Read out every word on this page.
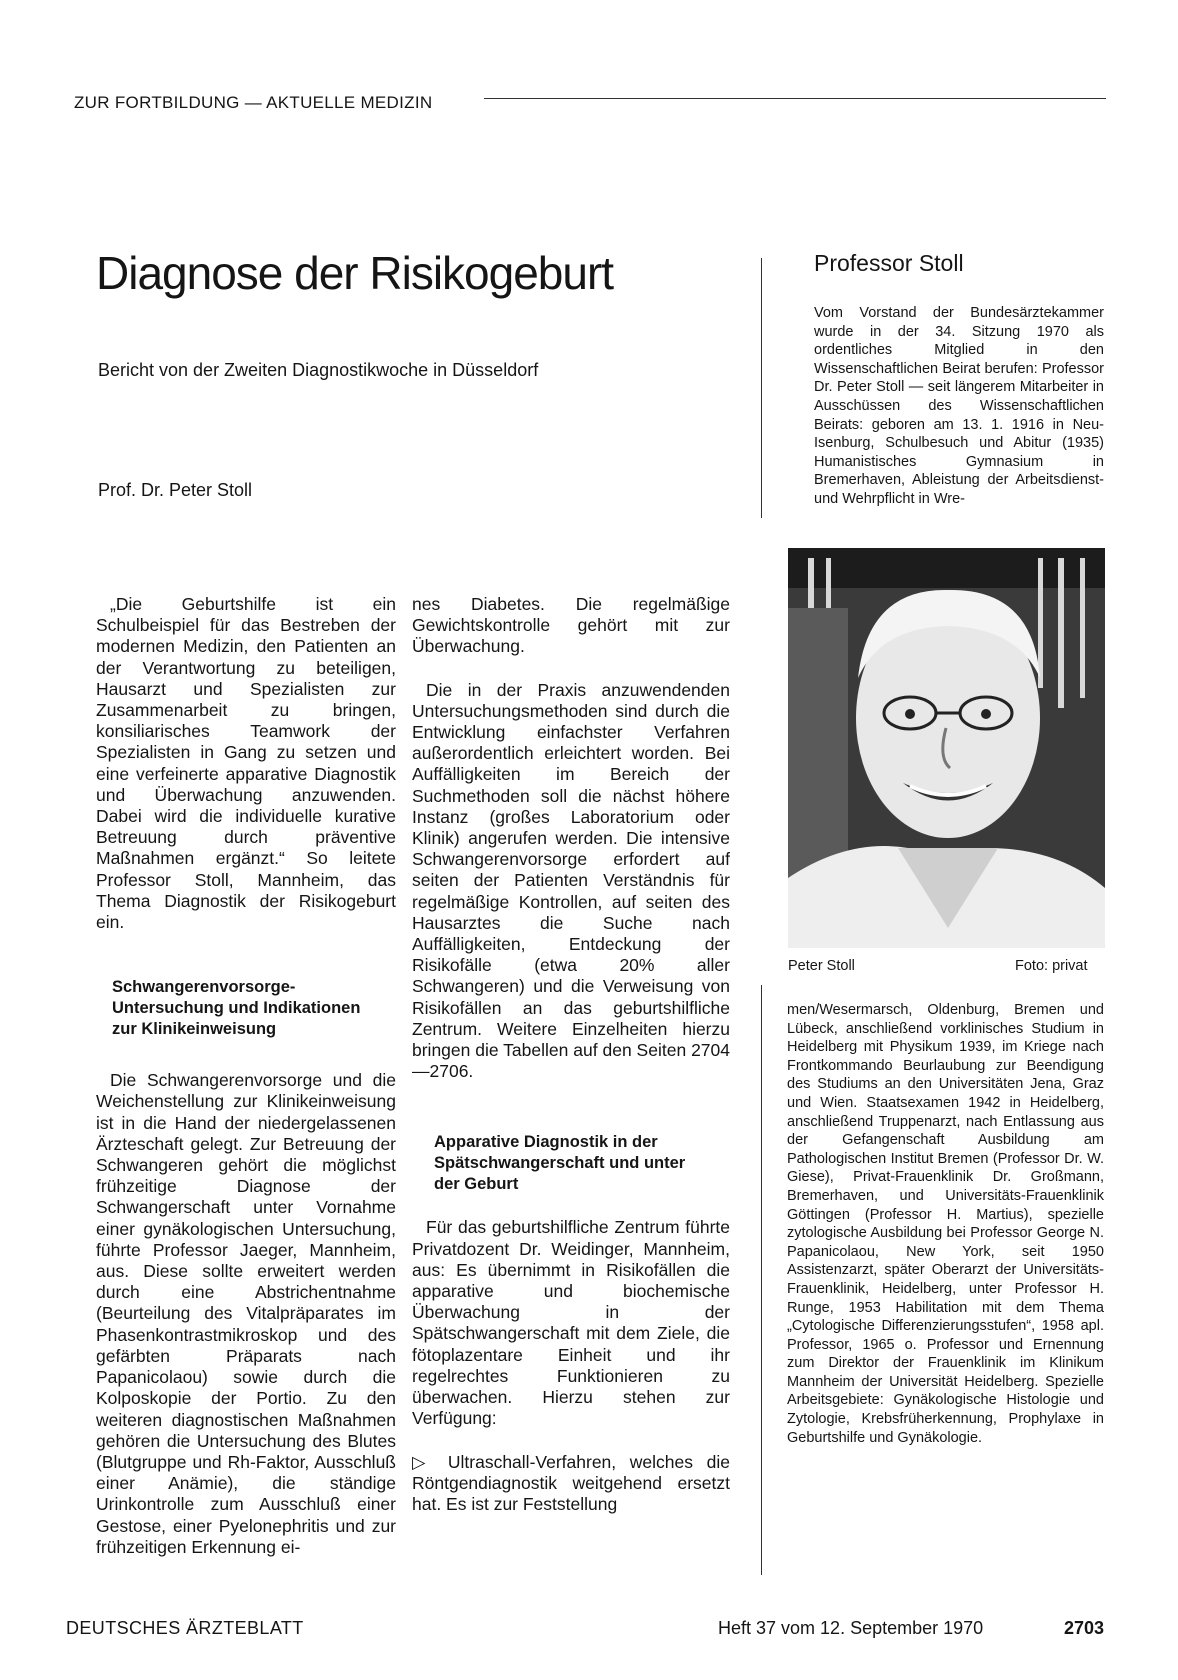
ZUR FORTBILDUNG — AKTUELLE MEDIZIN
Diagnose der Risikogeburt
Bericht von der Zweiten Diagnostikwoche in Düsseldorf
Prof. Dr. Peter Stoll
Professor Stoll
Vom Vorstand der Bundesärztekammer wurde in der 34. Sitzung 1970 als ordentliches Mitglied in den Wissenschaftlichen Beirat berufen: Professor Dr. Peter Stoll — seit längerem Mitarbeiter in Ausschüssen des Wissenschaftlichen Beirats: geboren am 13. 1. 1916 in Neu-Isenburg, Schulbesuch und Abitur (1935) Humanistisches Gymnasium in Bremerhaven, Ableistung der Arbeitsdienst- und Wehrpflicht in Wre-
Peter Stoll	Foto: privat
men/Wesermarsch, Oldenburg, Bremen und Lübeck, anschließend vorklinisches Studium in Heidelberg mit Physikum 1939, im Kriege nach Frontkommando Beurlaubung zur Beendigung des Studiums an den Universitäten Jena, Graz und Wien. Staatsexamen 1942 in Heidelberg, anschließend Truppenarzt, nach Entlassung aus der Gefangenschaft Ausbildung am Pathologischen Institut Bremen (Professor Dr. W. Giese), Privat-Frauenklinik Dr. Großmann, Bremerhaven, und Universitäts-Frauenklinik Göttingen (Professor H. Martius), spezielle zytologische Ausbildung bei Professor George N. Papanicolaou, New York, seit 1950 Assistenzarzt, später Oberarzt der Universitäts-Frauenklinik, Heidelberg, unter Professor H. Runge, 1953 Habilitation mit dem Thema „Cytologische Differenzierungsstufen“, 1958 apl. Professor, 1965 o. Professor und Ernennung zum Direktor der Frauenklinik im Klinikum Mannheim der Universität Heidelberg. Spezielle Arbeitsgebiete: Gynäkologische Histologie und Zytologie, Krebsfrüherkennung, Prophylaxe in Geburtshilfe und Gynäkologie.

„Die Geburtshilfe ist ein Schulbeispiel für das Bestreben der modernen Medizin, den Patienten an der Verantwortung zu beteiligen, Hausarzt und Spezialisten zur Zusammenarbeit zu bringen, konsiliarisches Teamwork der Spezialisten in Gang zu setzen und eine verfeinerte apparative Diagnostik und Überwachung anzuwenden. Dabei wird die individuelle kurative Betreuung durch präventive Maßnahmen ergänzt.“ So leitete Professor Stoll, Mannheim, das Thema Diagnostik der Risikogeburt ein.

Schwangerenvorsorge-Untersuchung und Indikationen zur Klinikeinweisung

Die Schwangerenvorsorge und die Weichenstellung zur Klinikeinweisung ist in die Hand der niedergelassenen Ärzteschaft gelegt. Zur Betreuung der Schwangeren gehört die möglichst frühzeitige Diagnose der Schwangerschaft unter Vornahme einer gynäkologischen Untersuchung, führte Professor Jaeger, Mannheim, aus. Diese sollte erweitert werden durch eine Abstrichentnahme (Beurteilung des Vitalpräparates im Phasenkontrastmikroskop und des gefärbten Präparats nach Papanicolaou) sowie durch die Kolposkopie der Portio. Zu den weiteren diagnostischen Maßnahmen gehören die Untersuchung des Blutes (Blutgruppe und Rh-Faktor, Ausschluß einer Anämie), die ständige Urinkontrolle zum Ausschluß einer Gestose, einer Pyelonephritis und zur frühzeitigen Erkennung ei-

nes Diabetes. Die regelmäßige Gewichtskontrolle gehört mit zur Überwachung.

Die in der Praxis anzuwendenden Untersuchungsmethoden sind durch die Entwicklung einfachster Verfahren außerordentlich erleichtert worden. Bei Auffälligkeiten im Bereich der Suchmethoden soll die nächst höhere Instanz (großes Laboratorium oder Klinik) angerufen werden. Die intensive Schwangerenvorsorge erfordert auf seiten der Patienten Verständnis für regelmäßige Kontrollen, auf seiten des Hausarztes die Suche nach Auffälligkeiten, Entdeckung der Risikofälle (etwa 20% aller Schwangeren) und die Verweisung von Risikofällen an das geburtshilfliche Zentrum. Weitere Einzelheiten hierzu bringen die Tabellen auf den Seiten 2704—2706.

Apparative Diagnostik in der Spätschwangerschaft und unter der Geburt

Für das geburtshilfliche Zentrum führte Privatdozent Dr. Weidinger, Mannheim, aus: Es übernimmt in Risikofällen die apparative und biochemische Überwachung in der Spätschwangerschaft mit dem Ziele, die fötoplazentare Einheit und ihr regelrechtes Funktionieren zu überwachen. Hierzu stehen zur Verfügung:

▷ Ultraschall-Verfahren, welches die Röntgendiagnostik weitgehend ersetzt hat. Es ist zur Feststellung

DEUTSCHES ÄRZTEBLATT	Heft 37 vom 12. September 1970	2703
